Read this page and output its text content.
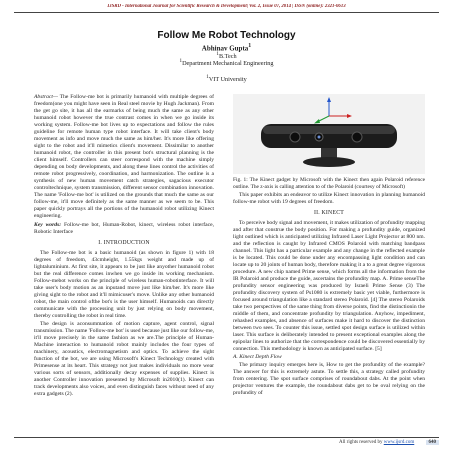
IJSRD - International Journal for Scientific Research & Development| Vol. 2, Issue 07, 2014 | ISSN (online): 2321-0613
Follow Me Robot Technology
Abhinav Gupta$^1$
$^1$B.Tech
$^1$Department Mechanical Engineering
$^1$VIT University

Abstract— The Follow-me bot is primarily humanoid with multiple degrees of freedom(one you might have seen in Real steel movie by Hugh Jackman). From the get go site, it has all the earmarks of being much the same as any other humanoid robot however the true contrast comes in when we go inside its working system. Follow-me bot lives up to expectations and follow the rules guideline for remote human type robot interface. It will take client's body movement as info and move much the same as him/her. It's more like offering sight to the robot and it'll mimetics client's movement. Dissimilar to another humanoid robot, the controller in this present bot's structural planning is the client himself. Controllers can steer correspond with the machine simply depending on body developments, and along these lines control the activities of remote robot progressively, coordination, and harmonization. The outline is a synthesis of new human movement catch strategies, sagacious executor controltechnique, system transmission, different sensor combination innovation. The name 'Follow-me bot' is utilized on the grounds that much the same as our follow-me, it'll move definitely as the same manner as we seem to be. This paper quickly portrays all the portions of the humanoid robot utilizing Kinect engineering.

Key words: Follow-me bot, Human-Robot, kinect, wireless robot interface, Robotic Interface

I. INTRODUCTION

The Follow-me bot is a basic humanoid (as shown in figure 1) with 18 degrees of freedom, 43cmheight, 1.55kgs weight and made up of lightaluminium. At first site, it appears to be just like anyother humanoid robot but the real difference comes inwhen we go inside its working mechanism. Follow-mebot works on the principle of wireless human-robotinterface. It will take user's body motion as an inputand move just like him/her. It's more like giving sight to the robot and it'll mimicuser's move. Unlike any other humanoid robot, the main control ofthe bot's is the user himself. Humanoids can directly communicate with the processing unit by just relying on body movement, thereby controlling the robot in real time.

The design is aconsummation of motion capture, agent control, signal transmission. The name 'Follow-me bot' is used because just like our follow-me, it'll move precisely in the same fashion as we are.The principle of Human-Machine interaction to humanoid robot mainly includes the four types of machinery, acoustics, electromagnetism and optics. To achieve the sight function of the bot, we are using Microsoft's Kinect Technology created with Primesense at its heart. This strategy not just makes individuals no more wear various sorts of sensors, additionally decay expenses of supplies. Kinect is another Controller innovation presented by Microsoft in2010(1). Kinect can track developments also voices, and even distinguish faces without need of any extra gadgets (2).

Fig. 1: The Kinect gadget by Microsoft with the Kinect then again Polaroid reference outline. The z-axis is calling attention to of the Polaroid (courtesy of Microsoft)

This paper exhibits an endeavor to utilize Kinect innovation in planning humanoid follow-me robot with 19 degrees of freedom.

II. KINECT

To perceive body signal and movement, it makes utilization of profundity mapping and after that construe the body position. For making a profundity guide, organized light outlined which is anticipated utilizing Infrared Laser Light Projector at 800 nm. and the reflection is caught by Infrared CMOS Polaroid with matching bandpass channel. This light has a particular example and any change in the reflected example is be located. This could be done under any encompassing light condition and can locate up to 20 joints of human body, therefore making it a to a great degree vigorous procedure. A new chip named Prime sense, which forms all the information from the IR Polaroid and produce the guide, ascertains the profundity map. A. Prime senseThe profundity sensor engineering was produced by Israeli Prime Sense (3) The profundity discovery system of Ps1080 is extremely basic yet viable, furthermore is focused around triangulation like a standard stereo Polaroid. [4] The stereo Polaroids take two perspectives of the same thing from diverse points, find the distinctionin the middle of them, and concentrate profundity by triangulation. Anyhow, impediment, rehashed examples, and absence of surfaces make it hard to discover the distinction between two sees. To counter this issue, settled spot design surface is utilized within laser. This surface is deliberately intended to present exceptional examples along the epipolar lines to authorize that the correspondence could be discovered essentially by connection. This methodology is known as anticipated surface. [5]

A. Kinect Depth Flow

The primary inquiry emerges here is, How to get the profundity of the example? The answer for this is extremely astute. To settle this, a strategy called profundity from centering. The spot surface comprises of roundabout dabs. At the point when projector ventures the example, the roundabout dabs get to be oval relying on the profundity of

All rights reserved by www.ijsrd.com	640
